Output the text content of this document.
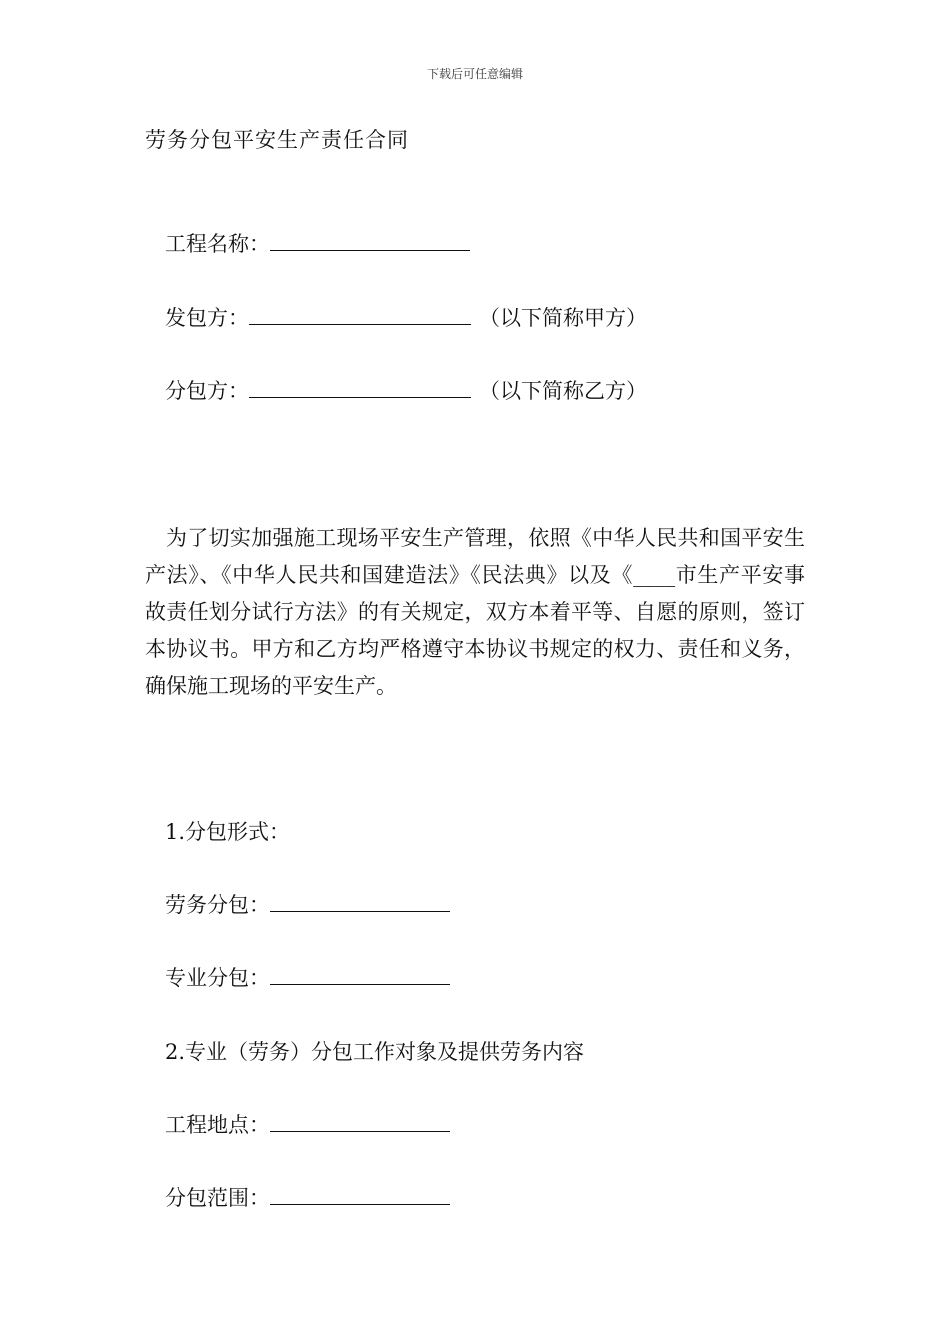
下载后可任意编辑
劳务分包平安生产责任合同
工程名称：
发包方：	（以下简称甲方）
分包方：	（以下简称乙方）
为了切实加强施工现场平安生产管理，依照《中华人民共和国平安生产法》、《中华人民共和国建造法》《民法典》以及《____市生产平安事故责任划分试行方法》的有关规定，双方本着平等、自愿的原则，签订本协议书。甲方和乙方均严格遵守本协议书规定的权力、责任和义务，确保施工现场的平安生产。
1.分包形式：
劳务分包：
专业分包：
2.专业（劳务）分包工作对象及提供劳务内容
工程地点：
分包范围：
